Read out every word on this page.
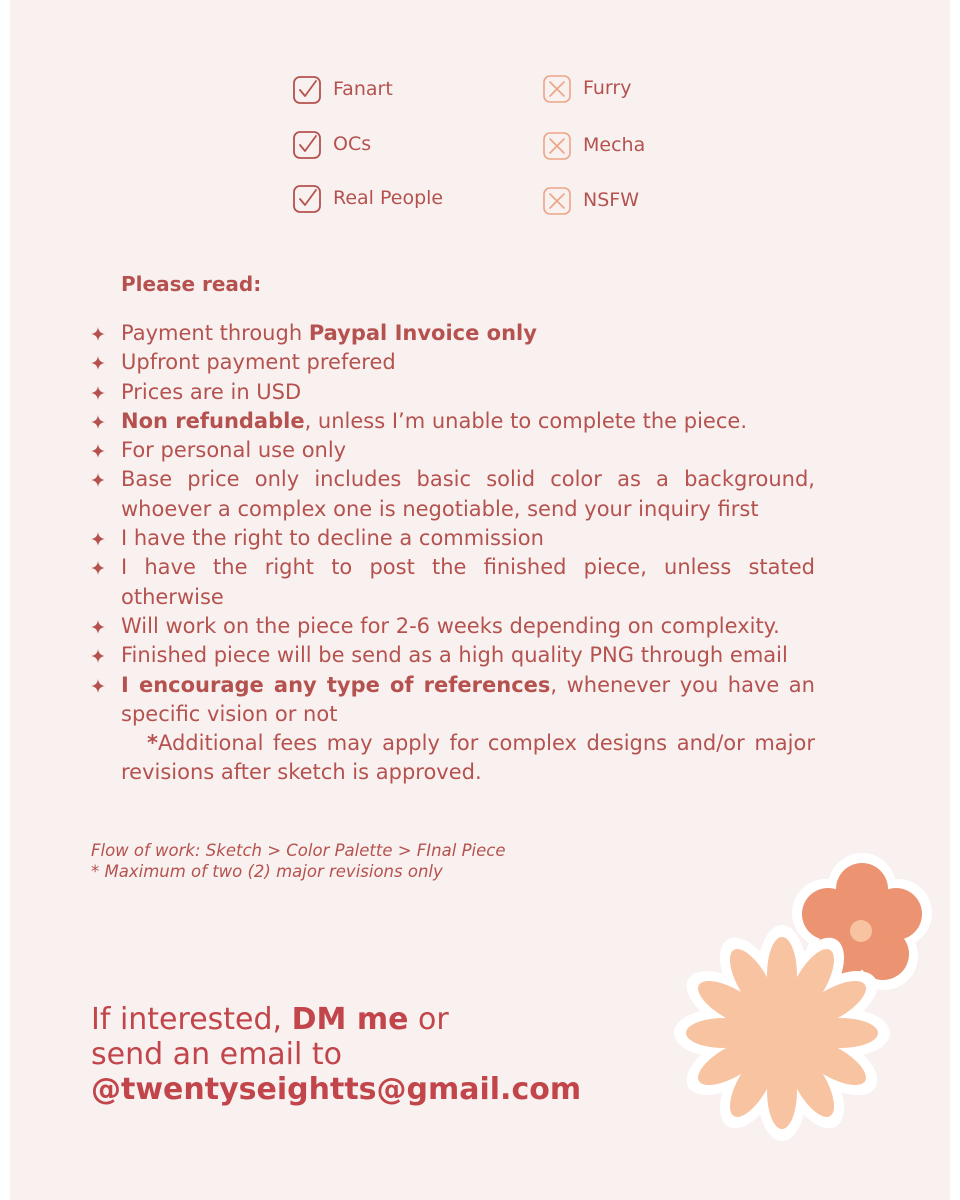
Fanart
OCs
Real People
Furry
Mecha
NSFW
Please read:
Payment through Paypal Invoice only
Upfront payment prefered
Prices are in USD
Non refundable, unless I’m unable to complete the piece.
For personal use only
Base price only includes basic solid color as a background, whoever a complex one is negotiable, send your inquiry first
I have the right to decline a commission
I have the right to post the finished piece, unless stated otherwise
Will work on the piece for 2-6 weeks depending on complexity.
Finished piece will be send as a high quality PNG through email
I encourage any type of references, whenever you have an specific vision or not
*Additional fees may apply for complex designs and/or major revisions after sketch is approved.
Flow of work: Sketch > Color Palette > FInal Piece
* Maximum of two (2) major revisions only
If interested, DM me or
send an email to
@twentyseightts@gmail.com
